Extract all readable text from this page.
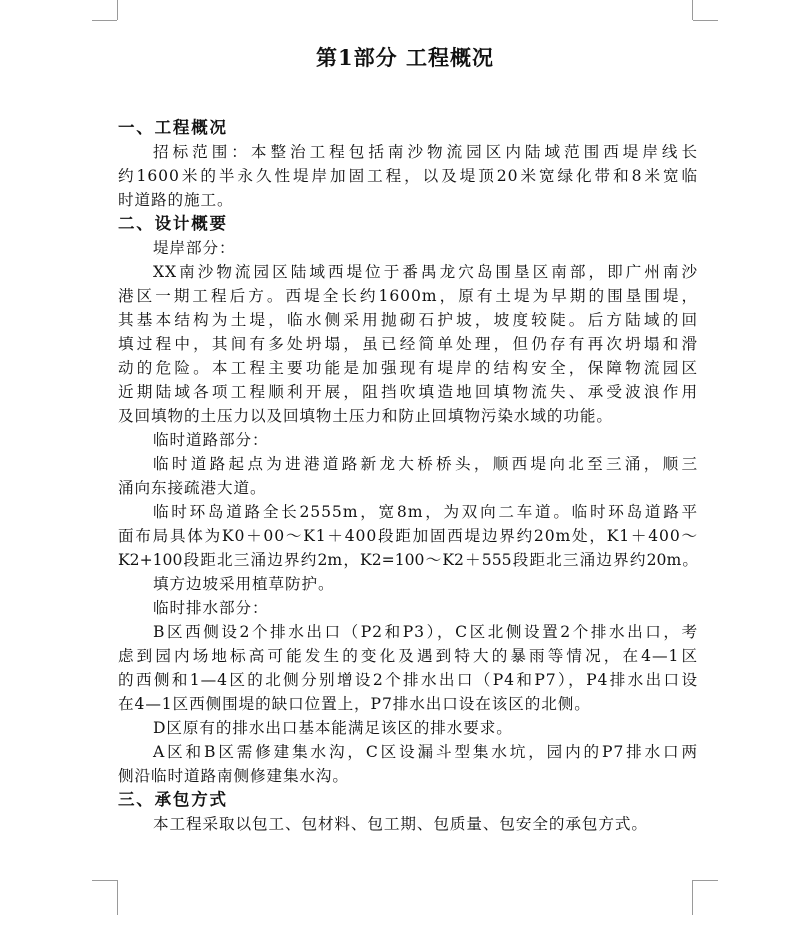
第1部分 工程概况
一、工程概况
招标范围：本整治工程包括南沙物流园区内陆域范围西堤岸线长
约1600米的半永久性堤岸加固工程，以及堤顶20米宽绿化带和8米宽临
时道路的施工。
二、设计概要
堤岸部分：
XX南沙物流园区陆域西堤位于番禺龙穴岛围垦区南部，即广州南沙
港区一期工程后方。西堤全长约1600m，原有土堤为早期的围垦围堤，
其基本结构为土堤，临水侧采用抛砌石护坡，坡度较陡。后方陆域的回
填过程中，其间有多处坍塌，虽已经简单处理，但仍存有再次坍塌和滑
动的危险。本工程主要功能是加强现有堤岸的结构安全，保障物流园区
近期陆域各项工程顺利开展，阻挡吹填造地回填物流失、承受波浪作用
及回填物的土压力以及回填物土压力和防止回填物污染水域的功能。
临时道路部分：
临时道路起点为进港道路新龙大桥桥头，顺西堤向北至三涌，顺三
涌向东接疏港大道。
临时环岛道路全长2555m，宽8m，为双向二车道。临时环岛道路平
面布局具体为K0＋00～K1＋400段距加固西堤边界约20m处，K1＋400～
K2+100段距北三涌边界约2m，K2=100～K2＋555段距北三涌边界约20m。
填方边坡采用植草防护。
临时排水部分：
B区西侧设2个排水出口（P2和P3），C区北侧设置2个排水出口，考
虑到园内场地标高可能发生的变化及遇到特大的暴雨等情况，在4—1区
的西侧和1—4区的北侧分别增设2个排水出口（P4和P7），P4排水出口设
在4—1区西侧围堤的缺口位置上，P7排水出口设在该区的北侧。
D区原有的排水出口基本能满足该区的排水要求。
A区和B区需修建集水沟，C区设漏斗型集水坑，园内的P7排水口两
侧沿临时道路南侧修建集水沟。
三、承包方式
本工程采取以包工、包材料、包工期、包质量、包安全的承包方式。
